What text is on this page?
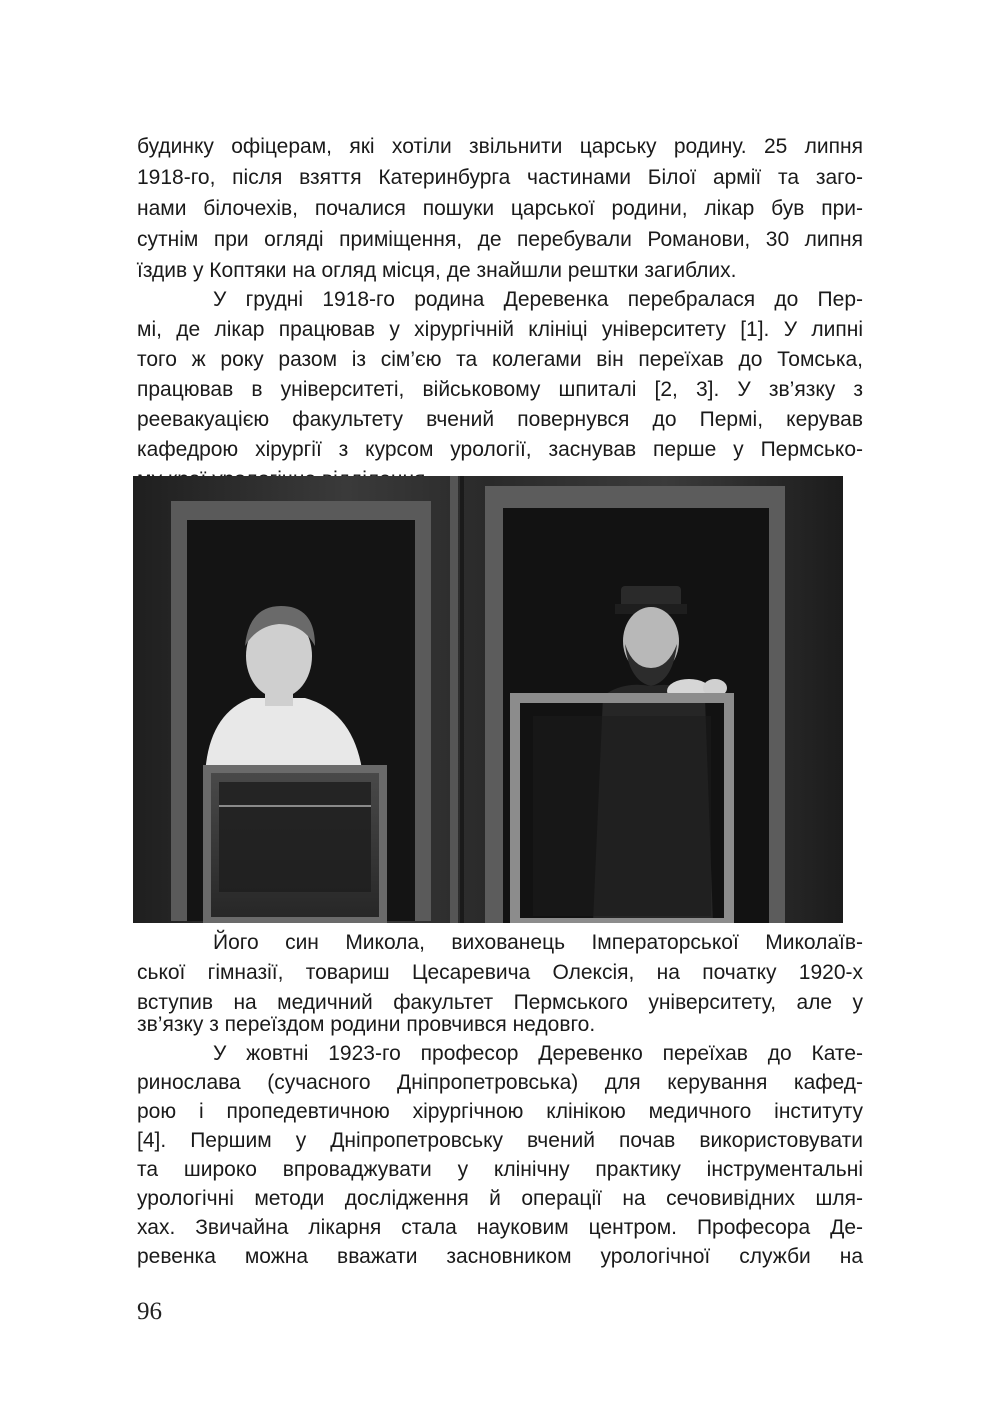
будинку офіцерам, які хотіли звільнити царську родину. 25 липня
1918-го, після взяття Катеринбурга частинами Білої армії та заго-
нами білочехів, почалися пошуки царської родини, лікар був при-
сутнім при огляді приміщення, де перебували Романови, 30 липня
їздив у Коптяки на огляд місця, де знайшли рештки загиблих.
У грудні 1918-го родина Деревенка перебралася до Пер-
мі, де лікар працював у хірургічній клініці університету [1]. У липні
того ж року разом із сім’єю та колегами він переїхав до Томська,
працював в університеті, військовому шпиталі [2, 3]. У зв’язку з
реевакуацією факультету вчений повернувся до Пермі, керував
кафедрою хірургії з курсом урології, заснував перше у Пермсько-
Його син Микола, вихованець Імператорської Миколаїв-
ської гімназії, товариш Цесаревича Олексія, на початку 1920-х
вступив на медичний факультет Пермського університету, але у
зв’язку з переїздом родини провчився недовго.
У жовтні 1923-го професор Деревенко переїхав до Кате-
ринослава (сучасного Дніпропетровська) для керування кафед-
рою і пропедевтичною хірургічною клінікою медичного інституту
[4]. Першим у Дніпропетровську вчений почав використовувати
та широко впроваджувати у клінічну практику інструментальні
урологічні методи дослідження й операції на сечовивідних шля-
хах. Звичайна лікарня стала науковим центром. Професора Де-
ревенка можна вважати засновником урологічної служби на
96
